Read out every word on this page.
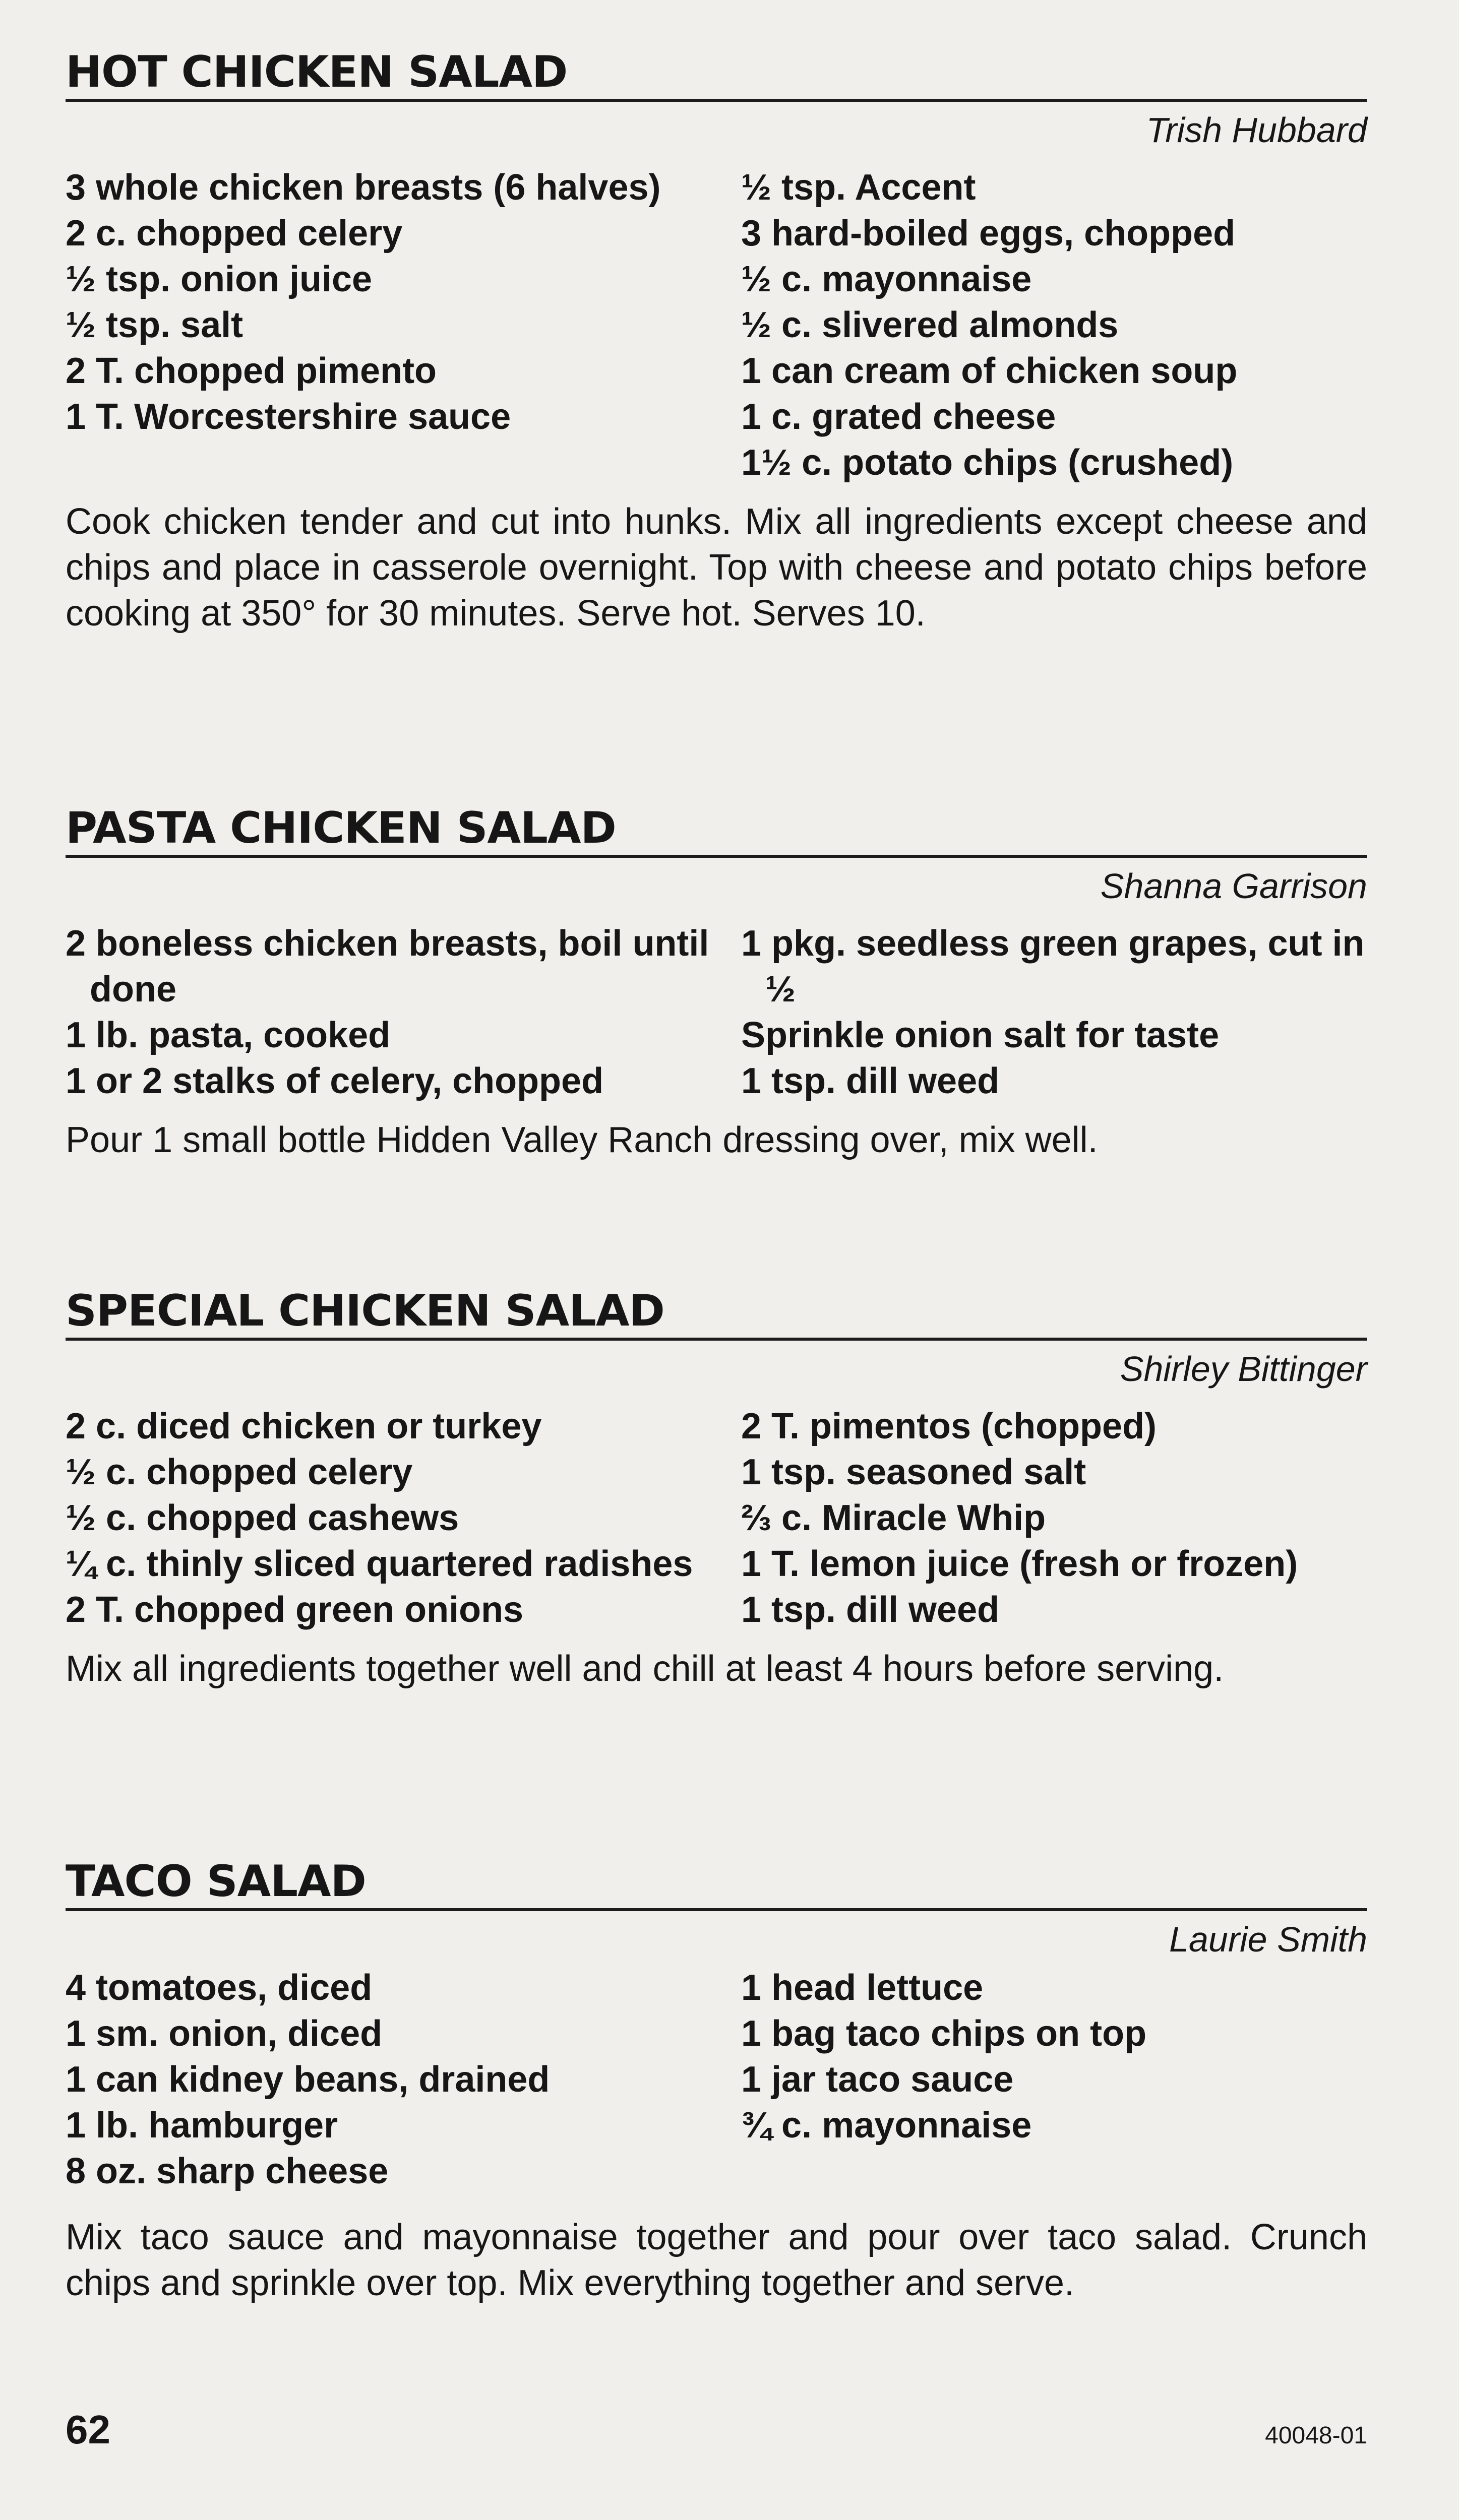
HOT CHICKEN SALAD
Trish Hubbard
3 whole chicken breasts (6 halves)
2 c. chopped celery
½ tsp. onion juice
½ tsp. salt
2 T. chopped pimento
1 T. Worcestershire sauce
½ tsp. Accent
3 hard-boiled eggs, chopped
½ c. mayonnaise
½ c. slivered almonds
1 can cream of chicken soup
1 c. grated cheese
1½ c. potato chips (crushed)
Cook chicken tender and cut into hunks. Mix all ingredients except cheese and chips and place in casserole overnight. Top with cheese and potato chips before cooking at 350° for 30 minutes. Serve hot. Serves 10.
PASTA CHICKEN SALAD
Shanna Garrison
2 boneless chicken breasts, boil until done
1 lb. pasta, cooked
1 or 2 stalks of celery, chopped
1 pkg. seedless green grapes, cut in ½
Sprinkle onion salt for taste
1 tsp. dill weed
Pour 1 small bottle Hidden Valley Ranch dressing over, mix well.
SPECIAL CHICKEN SALAD
Shirley Bittinger
2 c. diced chicken or turkey
½ c. chopped celery
½ c. chopped cashews
¼ c. thinly sliced quartered radishes
2 T. chopped green onions
2 T. pimentos (chopped)
1 tsp. seasoned salt
⅔ c. Miracle Whip
1 T. lemon juice (fresh or frozen)
1 tsp. dill weed
Mix all ingredients together well and chill at least 4 hours before serving.
TACO SALAD
Laurie Smith
4 tomatoes, diced
1 sm. onion, diced
1 can kidney beans, drained
1 lb. hamburger
8 oz. sharp cheese
1 head lettuce
1 bag taco chips on top
1 jar taco sauce
¾ c. mayonnaise
Mix taco sauce and mayonnaise together and pour over taco salad. Crunch chips and sprinkle over top. Mix everything together and serve.
62	40048-01
